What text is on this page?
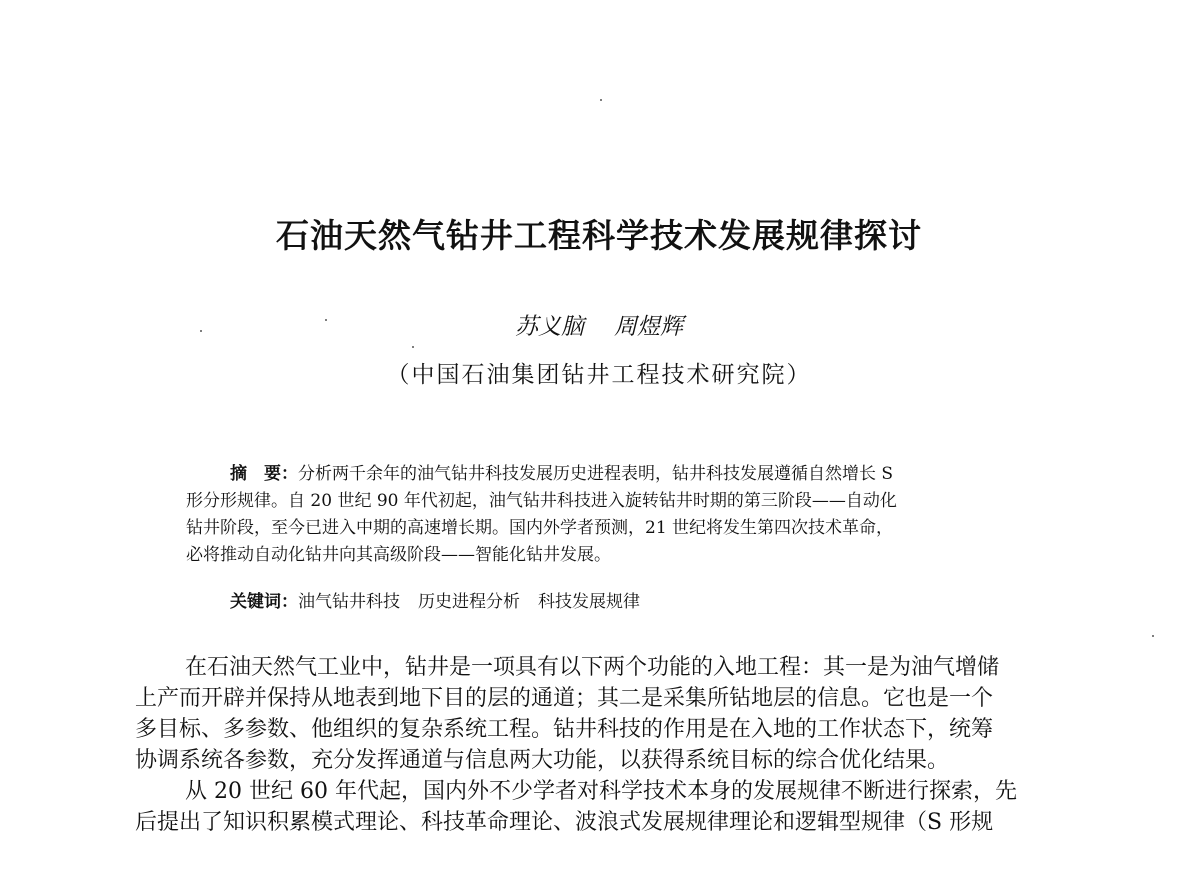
石油天然气钻井工程科学技术发展规律探讨
苏义脑 周煜辉
（中国石油集团钻井工程技术研究院）
摘　要：分析两千余年的油气钻井科技发展历史进程表明，钻井科技发展遵循自然增长 S
形分形规律。自 20 世纪 90 年代初起，油气钻井科技进入旋转钻井时期的第三阶段——自动化
钻井阶段，至今已进入中期的高速增长期。国内外学者预测，21 世纪将发生第四次技术革命，
必将推动自动化钻井向其高级阶段——智能化钻井发展。
关键词：油气钻井科技 历史进程分析 科技发展规律
在石油天然气工业中，钻井是一项具有以下两个功能的入地工程：其一是为油气增储
上产而开辟并保持从地表到地下目的层的通道；其二是采集所钻地层的信息。它也是一个
多目标、多参数、他组织的复杂系统工程。钻井科技的作用是在入地的工作状态下，统筹
协调系统各参数，充分发挥通道与信息两大功能，以获得系统目标的综合优化结果。
从 20 世纪 60 年代起，国内外不少学者对科学技术本身的发展规律不断进行探索，先
后提出了知识积累模式理论、科技革命理论、波浪式发展规律理论和逻辑型规律（S 形规
